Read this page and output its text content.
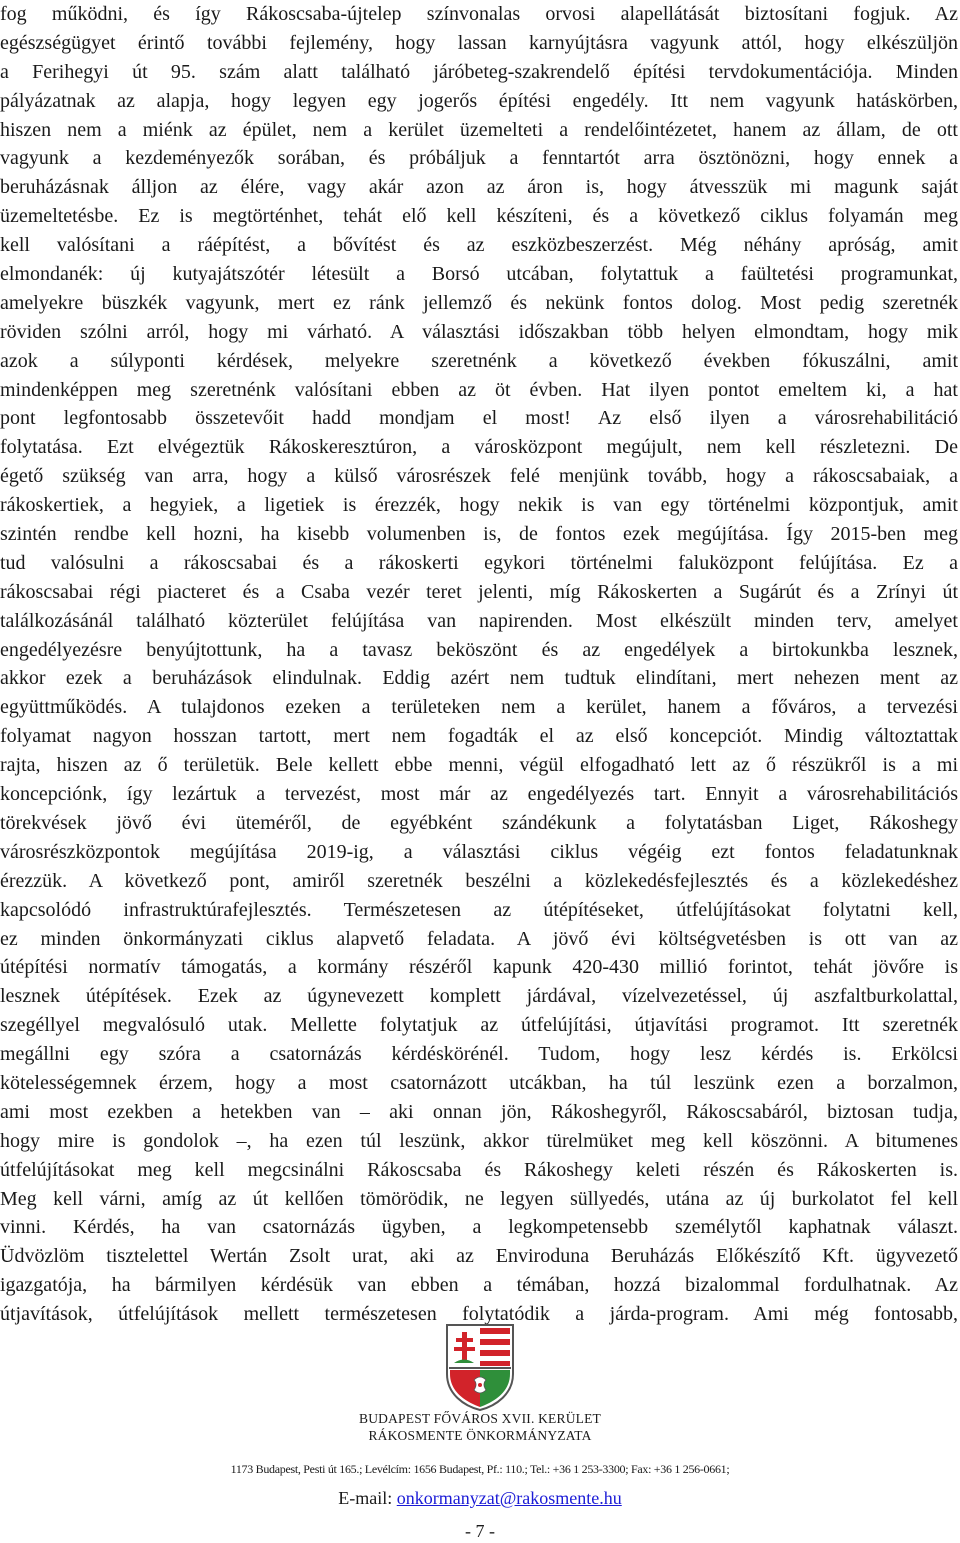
fog működni, és így Rákoscsaba-újtelep színvonalas orvosi alapellátását biztosítani fogjuk. Az
egészségügyet érintő további fejlemény, hogy lassan karnyújtásra vagyunk attól, hogy elkészüljön
a Ferihegyi út 95. szám alatt található járóbeteg-szakrendelő építési tervdokumentációja. Minden
pályázatnak az alapja, hogy legyen egy jogerős építési engedély. Itt nem vagyunk hatáskörben,
hiszen nem a miénk az épület, nem a kerület üzemelteti a rendelőintézetet, hanem az állam, de ott
vagyunk a kezdeményezők sorában, és próbáljuk a fenntartót arra ösztönözni, hogy ennek a
beruházásnak álljon az élére, vagy akár azon az áron is, hogy átvesszük mi magunk saját
üzemeltetésbe. Ez is megtörténhet, tehát elő kell készíteni, és a következő ciklus folyamán meg
kell valósítani a ráépítést, a bővítést és az eszközbeszerzést. Még néhány apróság, amit
elmondanék: új kutyajátszótér létesült a Borsó utcában, folytattuk a faültetési programunkat,
amelyekre büszkék vagyunk, mert ez ránk jellemző és nekünk fontos dolog. Most pedig szeretnék
röviden szólni arról, hogy mi várható. A választási időszakban több helyen elmondtam, hogy mik
azok a súlyponti kérdések, melyekre szeretnénk a következő években fókuszálni, amit
mindenképpen meg szeretnénk valósítani ebben az öt évben. Hat ilyen pontot emeltem ki, a hat
pont legfontosabb összetevőit hadd mondjam el most! Az első ilyen a városrehabilitáció
folytatása. Ezt elvégeztük Rákoskeresztúron, a városközpont megújult, nem kell részletezni. De
égető szükség van arra, hogy a külső városrészek felé menjünk tovább, hogy a rákoscsabaiak, a
rákoskertiek, a hegyiek, a ligetiek is érezzék, hogy nekik is van egy történelmi központjuk, amit
szintén rendbe kell hozni, ha kisebb volumenben is, de fontos ezek megújítása. Így 2015-ben meg
tud valósulni a rákoscsabai és a rákoskerti egykori történelmi faluközpont felújítása. Ez a
rákoscsabai régi piacteret és a Csaba vezér teret jelenti, míg Rákoskerten a Sugárút és a Zrínyi út
találkozásánál található közterület felújítása van napirenden. Most elkészült minden terv, amelyet
engedélyezésre benyújtottunk, ha a tavasz beköszönt és az engedélyek a birtokunkba lesznek,
akkor ezek a beruházások elindulnak. Eddig azért nem tudtuk elindítani, mert nehezen ment az
együttműködés. A tulajdonos ezeken a területeken nem a kerület, hanem a főváros, a tervezési
folyamat nagyon hosszan tartott, mert nem fogadták el az első koncepciót. Mindig változtattak
rajta, hiszen az ő területük. Bele kellett ebbe menni, végül elfogadható lett az ő részükről is a mi
koncepciónk, így lezártuk a tervezést, most már az engedélyezés tart. Ennyit a városrehabilitációs
törekvések jövő évi üteméről, de egyébként szándékunk a folytatásban Liget, Rákoshegy
városrészközpontok megújítása 2019-ig, a választási ciklus végéig ezt fontos feladatunknak
érezzük. A következő pont, amiről szeretnék beszélni a közlekedésfejlesztés és a közlekedéshez
kapcsolódó infrastruktúrafejlesztés. Természetesen az útépítéseket, útfelújításokat folytatni kell,
ez minden önkormányzati ciklus alapvető feladata. A jövő évi költségvetésben is ott van az
útépítési normatív támogatás, a kormány részéről kapunk 420-430 millió forintot, tehát jövőre is
lesznek útépítések. Ezek az úgynevezett komplett járdával, vízelvezetéssel, új aszfaltburkolattal,
szegéllyel megvalósuló utak. Mellette folytatjuk az útfelújítási, útjavítási programot. Itt szeretnék
megállni egy szóra a csatornázás kérdéskörénél. Tudom, hogy lesz kérdés is. Erkölcsi
kötelességemnek érzem, hogy a most csatornázott utcákban, ha túl leszünk ezen a borzalmon,
ami most ezekben a hetekben van – aki onnan jön, Rákoshegyről, Rákoscsabáról, biztosan tudja,
hogy mire is gondolok –, ha ezen túl leszünk, akkor türelmüket meg kell köszönni. A bitumenes
útfelújításokat meg kell megcsinálni Rákoscsaba és Rákoshegy keleti részén és Rákoskerten is.
Meg kell várni, amíg az út kellően tömörödik, ne legyen süllyedés, utána az új burkolatot fel kell
vinni. Kérdés, ha van csatornázás ügyben, a legkompetensebb személytől kaphatnak választ.
Üdvözlöm tisztelettel Wertán Zsolt urat, aki az Enviroduna Beruházás Előkészítő Kft. ügyvezető
igazgatója, ha bármilyen kérdésük van ebben a témában, hozzá bizalommal fordulhatnak. Az
útjavítások, útfelújítások mellett természetesen folytatódik a járda-program. Ami még fontosabb,
BUDAPEST FŐVÁROS XVII. KERÜLET
RÁKOSMENTE ÖNKORMÁNYZATA
1173 Budapest, Pesti út 165.; Levélcím: 1656 Budapest, Pf.: 110.; Tel.: +36 1 253-3300; Fax: +36 1 256-0661;
E-mail: onkormanyzat@rakosmente.hu
- 7 -
